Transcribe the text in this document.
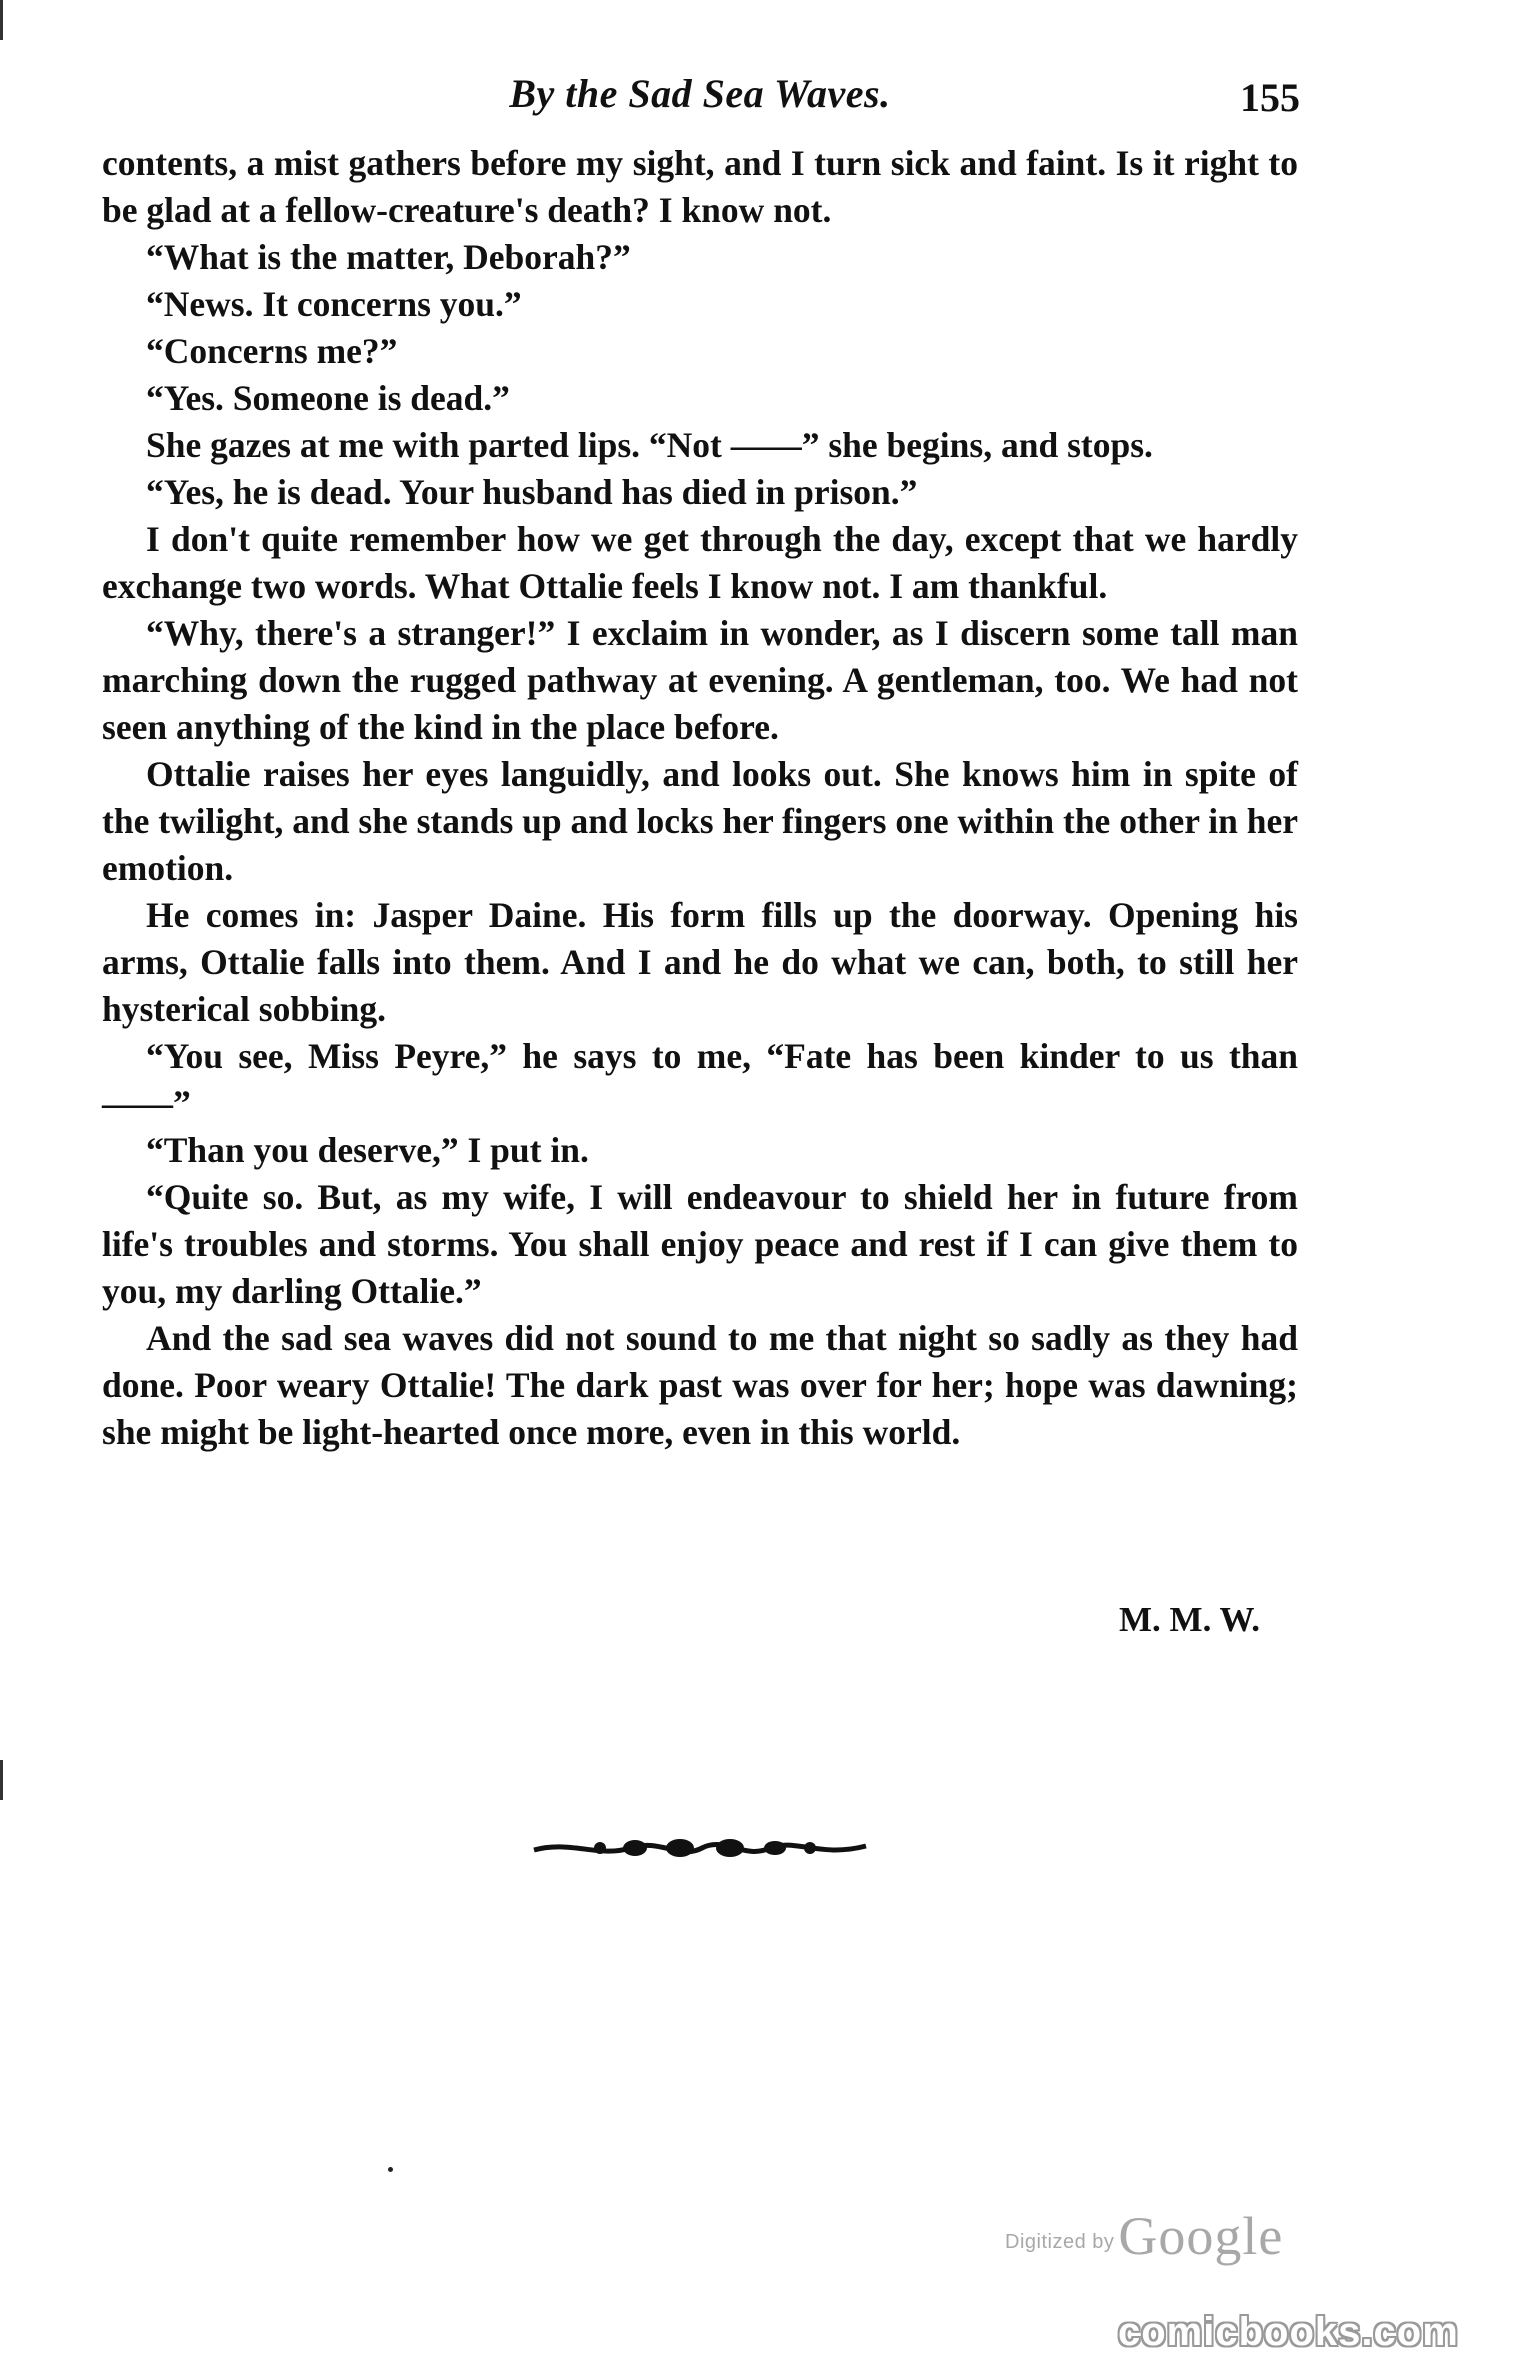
By the Sad Sea Waves.	155

contents, a mist gathers before my sight, and I turn sick and faint. Is it right to be glad at a fellow-creature's death? I know not.

“What is the matter, Deborah?”

“News. It concerns you.”

“Concerns me?”

“Yes. Someone is dead.”

She gazes at me with parted lips. “Not ——” she begins, and stops.

“Yes, he is dead. Your husband has died in prison.”

I don't quite remember how we get through the day, except that we hardly exchange two words. What Ottalie feels I know not. I am thankful.

“Why, there's a stranger!” I exclaim in wonder, as I discern some tall man marching down the rugged pathway at evening. A gentleman, too. We had not seen anything of the kind in the place before.

Ottalie raises her eyes languidly, and looks out. She knows him in spite of the twilight, and she stands up and locks her fingers one within the other in her emotion.

He comes in: Jasper Daine. His form fills up the doorway. Opening his arms, Ottalie falls into them. And I and he do what we can, both, to still her hysterical sobbing.

“You see, Miss Peyre,” he says to me, “Fate has been kinder to us than ——”

“Than you deserve,” I put in.

“Quite so. But, as my wife, I will endeavour to shield her in future from life's troubles and storms. You shall enjoy peace and rest if I can give them to you, my darling Ottalie.”

And the sad sea waves did not sound to me that night so sadly as they had done. Poor weary Ottalie! The dark past was over for her; hope was dawning; she might be light-hearted once more, even in this world.

M. M. W.
Digitized by Google
comicbooks.com
